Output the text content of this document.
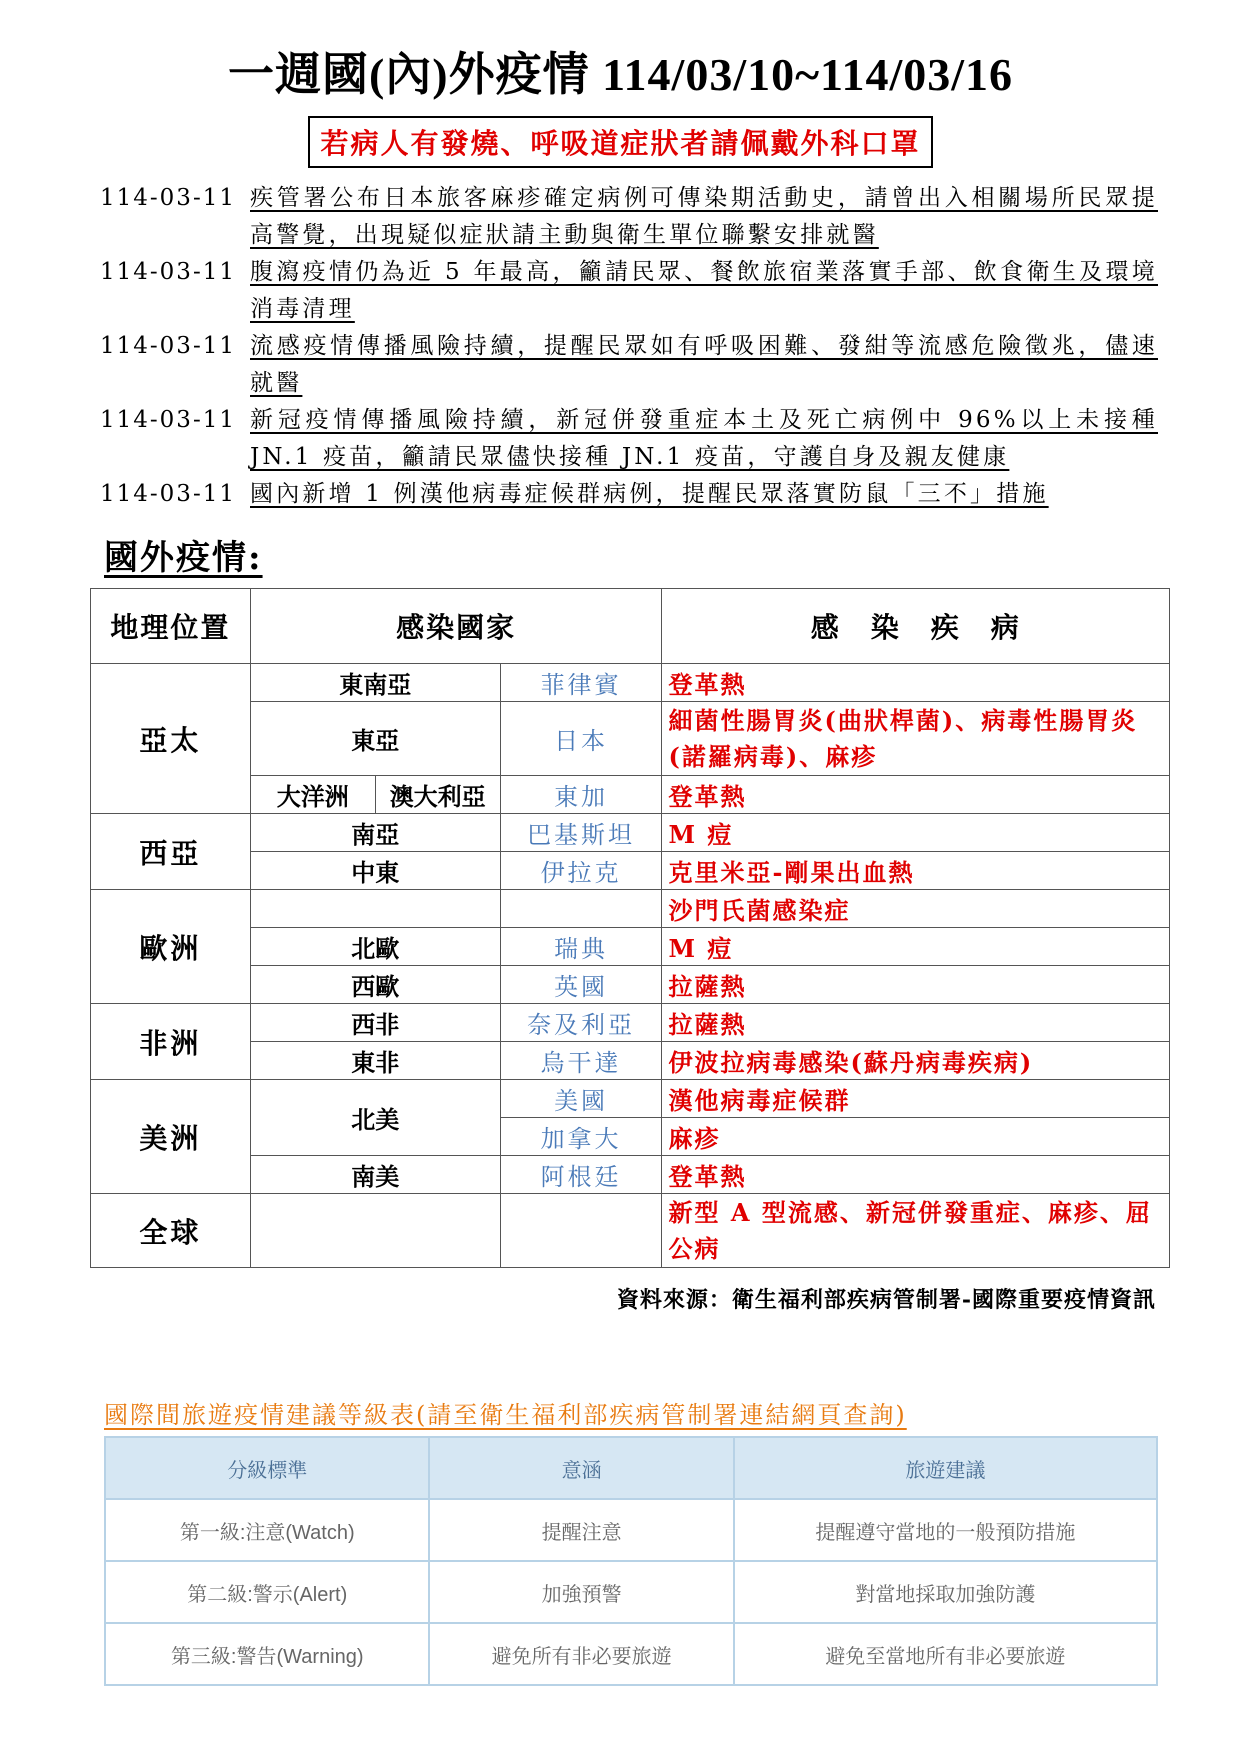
一週國(內)外疫情 114/03/10~114/03/16
若病人有發燒、呼吸道症狀者請佩戴外科口罩
114-03-11 疾管署公布日本旅客麻疹確定病例可傳染期活動史，請曾出入相關場所民眾提高警覺，出現疑似症狀請主動與衛生單位聯繫安排就醫
114-03-11 腹瀉疫情仍為近 5 年最高，籲請民眾、餐飲旅宿業落實手部、飲食衛生及環境消毒清理
114-03-11 流感疫情傳播風險持續，提醒民眾如有呼吸困難、發紺等流感危險徵兆，儘速就醫
114-03-11 新冠疫情傳播風險持續，新冠併發重症本土及死亡病例中 96%以上未接種 JN.1 疫苗，籲請民眾儘快接種 JN.1 疫苗，守護自身及親友健康
114-03-11 國內新增 1 例漢他病毒症候群病例，提醒民眾落實防鼠「三不」措施
國外疫情:
地理位置	感染國家			感　染　疾　病
亞太	東南亞		菲律賓	登革熱
	東亞		日本	細菌性腸胃炎(曲狀桿菌)、病毒性腸胃炎(諾羅病毒)、麻疹
	大洋洲	澳大利亞	東加	登革熱
西亞	南亞		巴基斯坦	M 痘
	中東		伊拉克	克里米亞-剛果出血熱
歐洲				沙門氏菌感染症
	北歐		瑞典	M 痘
	西歐		英國	拉薩熱
非洲	西非		奈及利亞	拉薩熱
	東非		烏干達	伊波拉病毒感染(蘇丹病毒疾病)
美洲	北美		美國	漢他病毒症候群
			加拿大	麻疹
	南美		阿根廷	登革熱
全球				新型 A 型流感、新冠併發重症、麻疹、屈公病
資料來源：衛生福利部疾病管制署-國際重要疫情資訊
國際間旅遊疫情建議等級表(請至衛生福利部疾病管制署連結網頁查詢)
分級標準	意涵	旅遊建議
第一級:注意(Watch)	提醒注意	提醒遵守當地的一般預防措施
第二級:警示(Alert)	加強預警	對當地採取加強防護
第三級:警告(Warning)	避免所有非必要旅遊	避免至當地所有非必要旅遊
